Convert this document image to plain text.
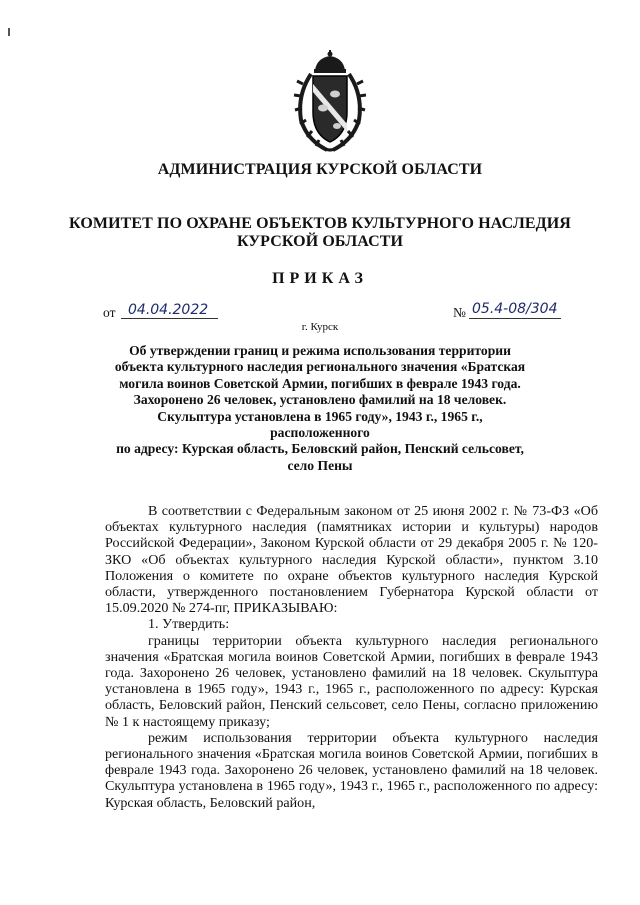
АДМИНИСТРАЦИЯ КУРСКОЙ ОБЛАСТИ
КОМИТЕТ ПО ОХРАНЕ ОБЪЕКТОВ КУЛЬТУРНОГО НАСЛЕДИЯ
КУРСКОЙ ОБЛАСТИ
ПРИКАЗ
от 04.04.2022	№ 05.4-08/304
г. Курск
Об утверждении границ и режима использования территории
объекта культурного наследия регионального значения «Братская
могила воинов Советской Армии, погибших в феврале 1943 года.
Захоронено 26 человек, установлено фамилий на 18 человек.
Скульптура установлена в 1965 году», 1943 г., 1965 г., расположенного
по адресу: Курская область, Беловский район, Пенский сельсовет,
село Пены

В соответствии с Федеральным законом от 25 июня 2002 г. № 73-ФЗ «Об объектах культурного наследия (памятниках истории и культуры) народов Российской Федерации», Законом Курской области от 29 декабря 2005 г. № 120-ЗКО «Об объектах культурного наследия Курской области», пунктом 3.10 Положения о комитете по охране объектов культурного наследия Курской области, утвержденного постановлением Губернатора Курской области от 15.09.2020 № 274-пг, ПРИКАЗЫВАЮ:

1. Утвердить:

границы территории объекта культурного наследия регионального значения «Братская могила воинов Советской Армии, погибших в феврале 1943 года. Захоронено 26 человек, установлено фамилий на 18 человек. Скульптура установлена в 1965 году», 1943 г., 1965 г., расположенного по адресу: Курская область, Беловский район, Пенский сельсовет, село Пены, согласно приложению № 1 к настоящему приказу;

режим использования территории объекта культурного наследия регионального значения «Братская могила воинов Советской Армии, погибших в феврале 1943 года. Захоронено 26 человек, установлено фамилий на 18 человек. Скульптура установлена в 1965 году», 1943 г., 1965 г., расположенного по адресу: Курская область, Беловский район,
